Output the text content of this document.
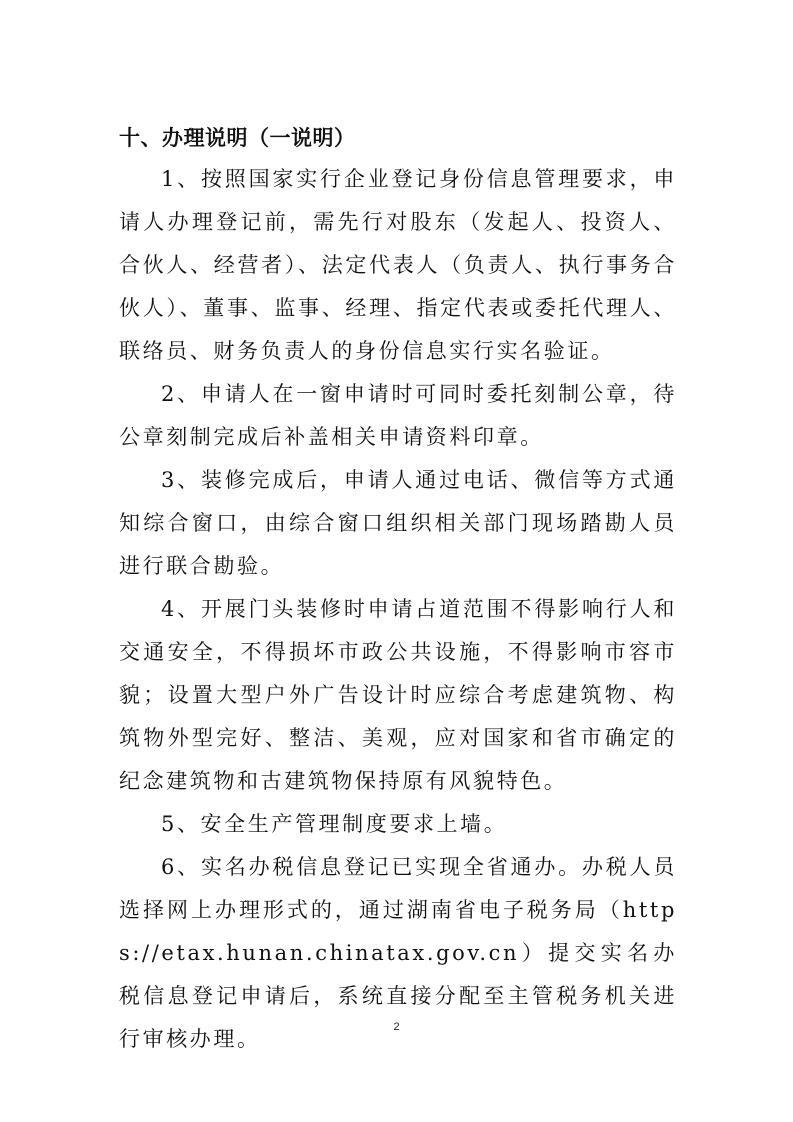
十、办理说明（一说明）

1、按照国家实行企业登记身份信息管理要求，申请人办理登记前，需先行对股东（发起人、投资人、合伙人、经营者）、法定代表人（负责人、执行事务合伙人）、董事、监事、经理、指定代表或委托代理人、联络员、财务负责人的身份信息实行实名验证。

2、申请人在一窗申请时可同时委托刻制公章，待公章刻制完成后补盖相关申请资料印章。

3、装修完成后，申请人通过电话、微信等方式通知综合窗口，由综合窗口组织相关部门现场踏勘人员进行联合勘验。

4、开展门头装修时申请占道范围不得影响行人和交通安全，不得损坏市政公共设施，不得影响市容市貌；设置大型户外广告设计时应综合考虑建筑物、构筑物外型完好、整洁、美观，应对国家和省市确定的纪念建筑物和古建筑物保持原有风貌特色。

5、安全生产管理制度要求上墙。

6、实名办税信息登记已实现全省通办。办税人员选择网上办理形式的，通过湖南省电子税务局（https://etax.hunan.chinatax.gov.cn）提交实名办税信息登记申请后，系统直接分配至主管税务机关进行审核办理。	2
